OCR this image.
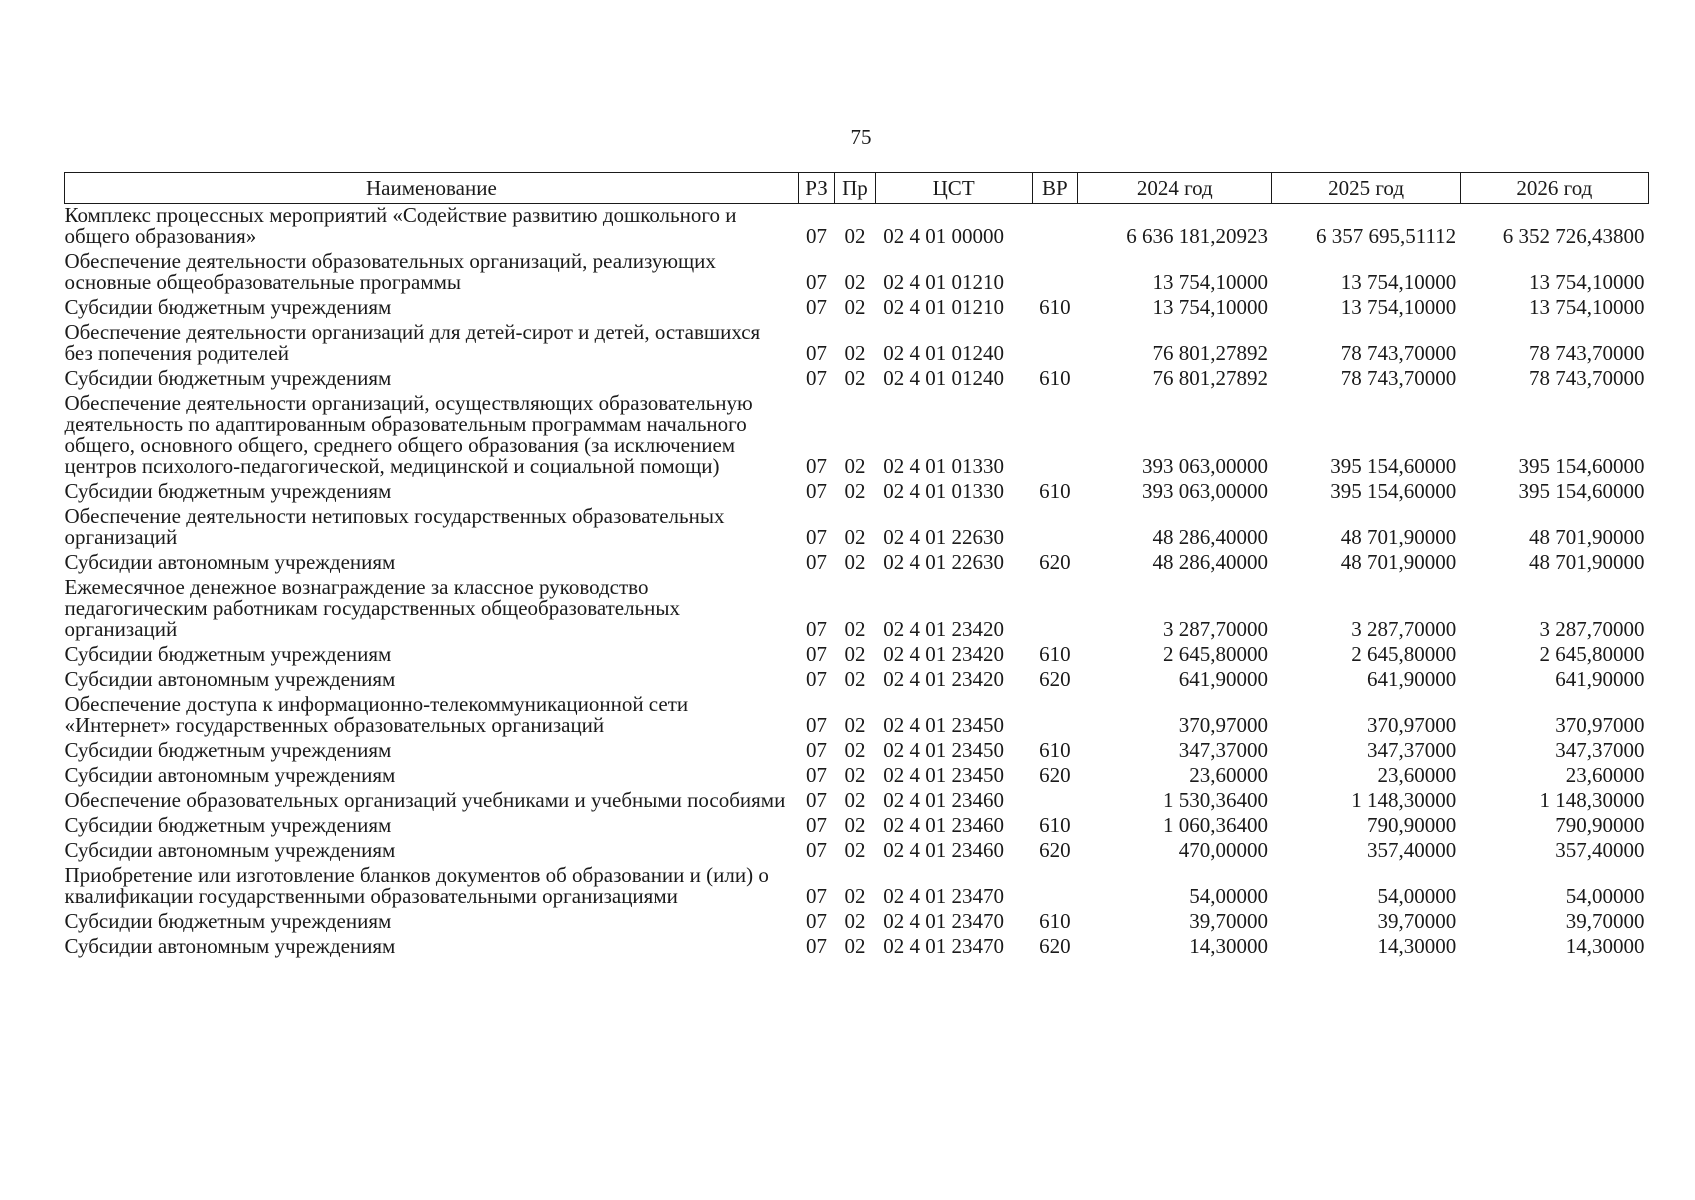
75
Наименование	РЗ	Пр	ЦСТ	ВР	2024 год	2025 год	2026 год
Комплекс процессных мероприятий «Содействие развитию дошкольного и общего образования»	07	02	02 4 01 00000		6 636 181,20923	6 357 695,51112	6 352 726,43800
Обеспечение деятельности образовательных организаций, реализующих основные общеобразовательные программы	07	02	02 4 01 01210		13 754,10000	13 754,10000	13 754,10000
Субсидии бюджетным учреждениям	07	02	02 4 01 01210	610	13 754,10000	13 754,10000	13 754,10000
Обеспечение деятельности организаций для детей-сирот и детей, оставшихся без попечения родителей	07	02	02 4 01 01240		76 801,27892	78 743,70000	78 743,70000
Субсидии бюджетным учреждениям	07	02	02 4 01 01240	610	76 801,27892	78 743,70000	78 743,70000
Обеспечение деятельности организаций, осуществляющих образовательную деятельность по адаптированным образовательным программам начального общего, основного общего, среднего общего образования (за исключением центров психолого-педагогической, медицинской и социальной помощи)	07	02	02 4 01 01330		393 063,00000	395 154,60000	395 154,60000
Субсидии бюджетным учреждениям	07	02	02 4 01 01330	610	393 063,00000	395 154,60000	395 154,60000
Обеспечение деятельности нетиповых государственных образовательных организаций	07	02	02 4 01 22630		48 286,40000	48 701,90000	48 701,90000
Субсидии автономным учреждениям	07	02	02 4 01 22630	620	48 286,40000	48 701,90000	48 701,90000
Ежемесячное денежное вознаграждение за классное руководство педагогическим работникам государственных общеобразовательных организаций	07	02	02 4 01 23420		3 287,70000	3 287,70000	3 287,70000
Субсидии бюджетным учреждениям	07	02	02 4 01 23420	610	2 645,80000	2 645,80000	2 645,80000
Субсидии автономным учреждениям	07	02	02 4 01 23420	620	641,90000	641,90000	641,90000
Обеспечение доступа к информационно-телекоммуникационной сети «Интернет» государственных образовательных организаций	07	02	02 4 01 23450		370,97000	370,97000	370,97000
Субсидии бюджетным учреждениям	07	02	02 4 01 23450	610	347,37000	347,37000	347,37000
Субсидии автономным учреждениям	07	02	02 4 01 23450	620	23,60000	23,60000	23,60000
Обеспечение образовательных организаций учебниками и учебными пособиями	07	02	02 4 01 23460		1 530,36400	1 148,30000	1 148,30000
Субсидии бюджетным учреждениям	07	02	02 4 01 23460	610	1 060,36400	790,90000	790,90000
Субсидии автономным учреждениям	07	02	02 4 01 23460	620	470,00000	357,40000	357,40000
Приобретение или изготовление бланков документов об образовании и (или) о квалификации государственными образовательными организациями	07	02	02 4 01 23470		54,00000	54,00000	54,00000
Субсидии бюджетным учреждениям	07	02	02 4 01 23470	610	39,70000	39,70000	39,70000
Субсидии автономным учреждениям	07	02	02 4 01 23470	620	14,30000	14,30000	14,30000
